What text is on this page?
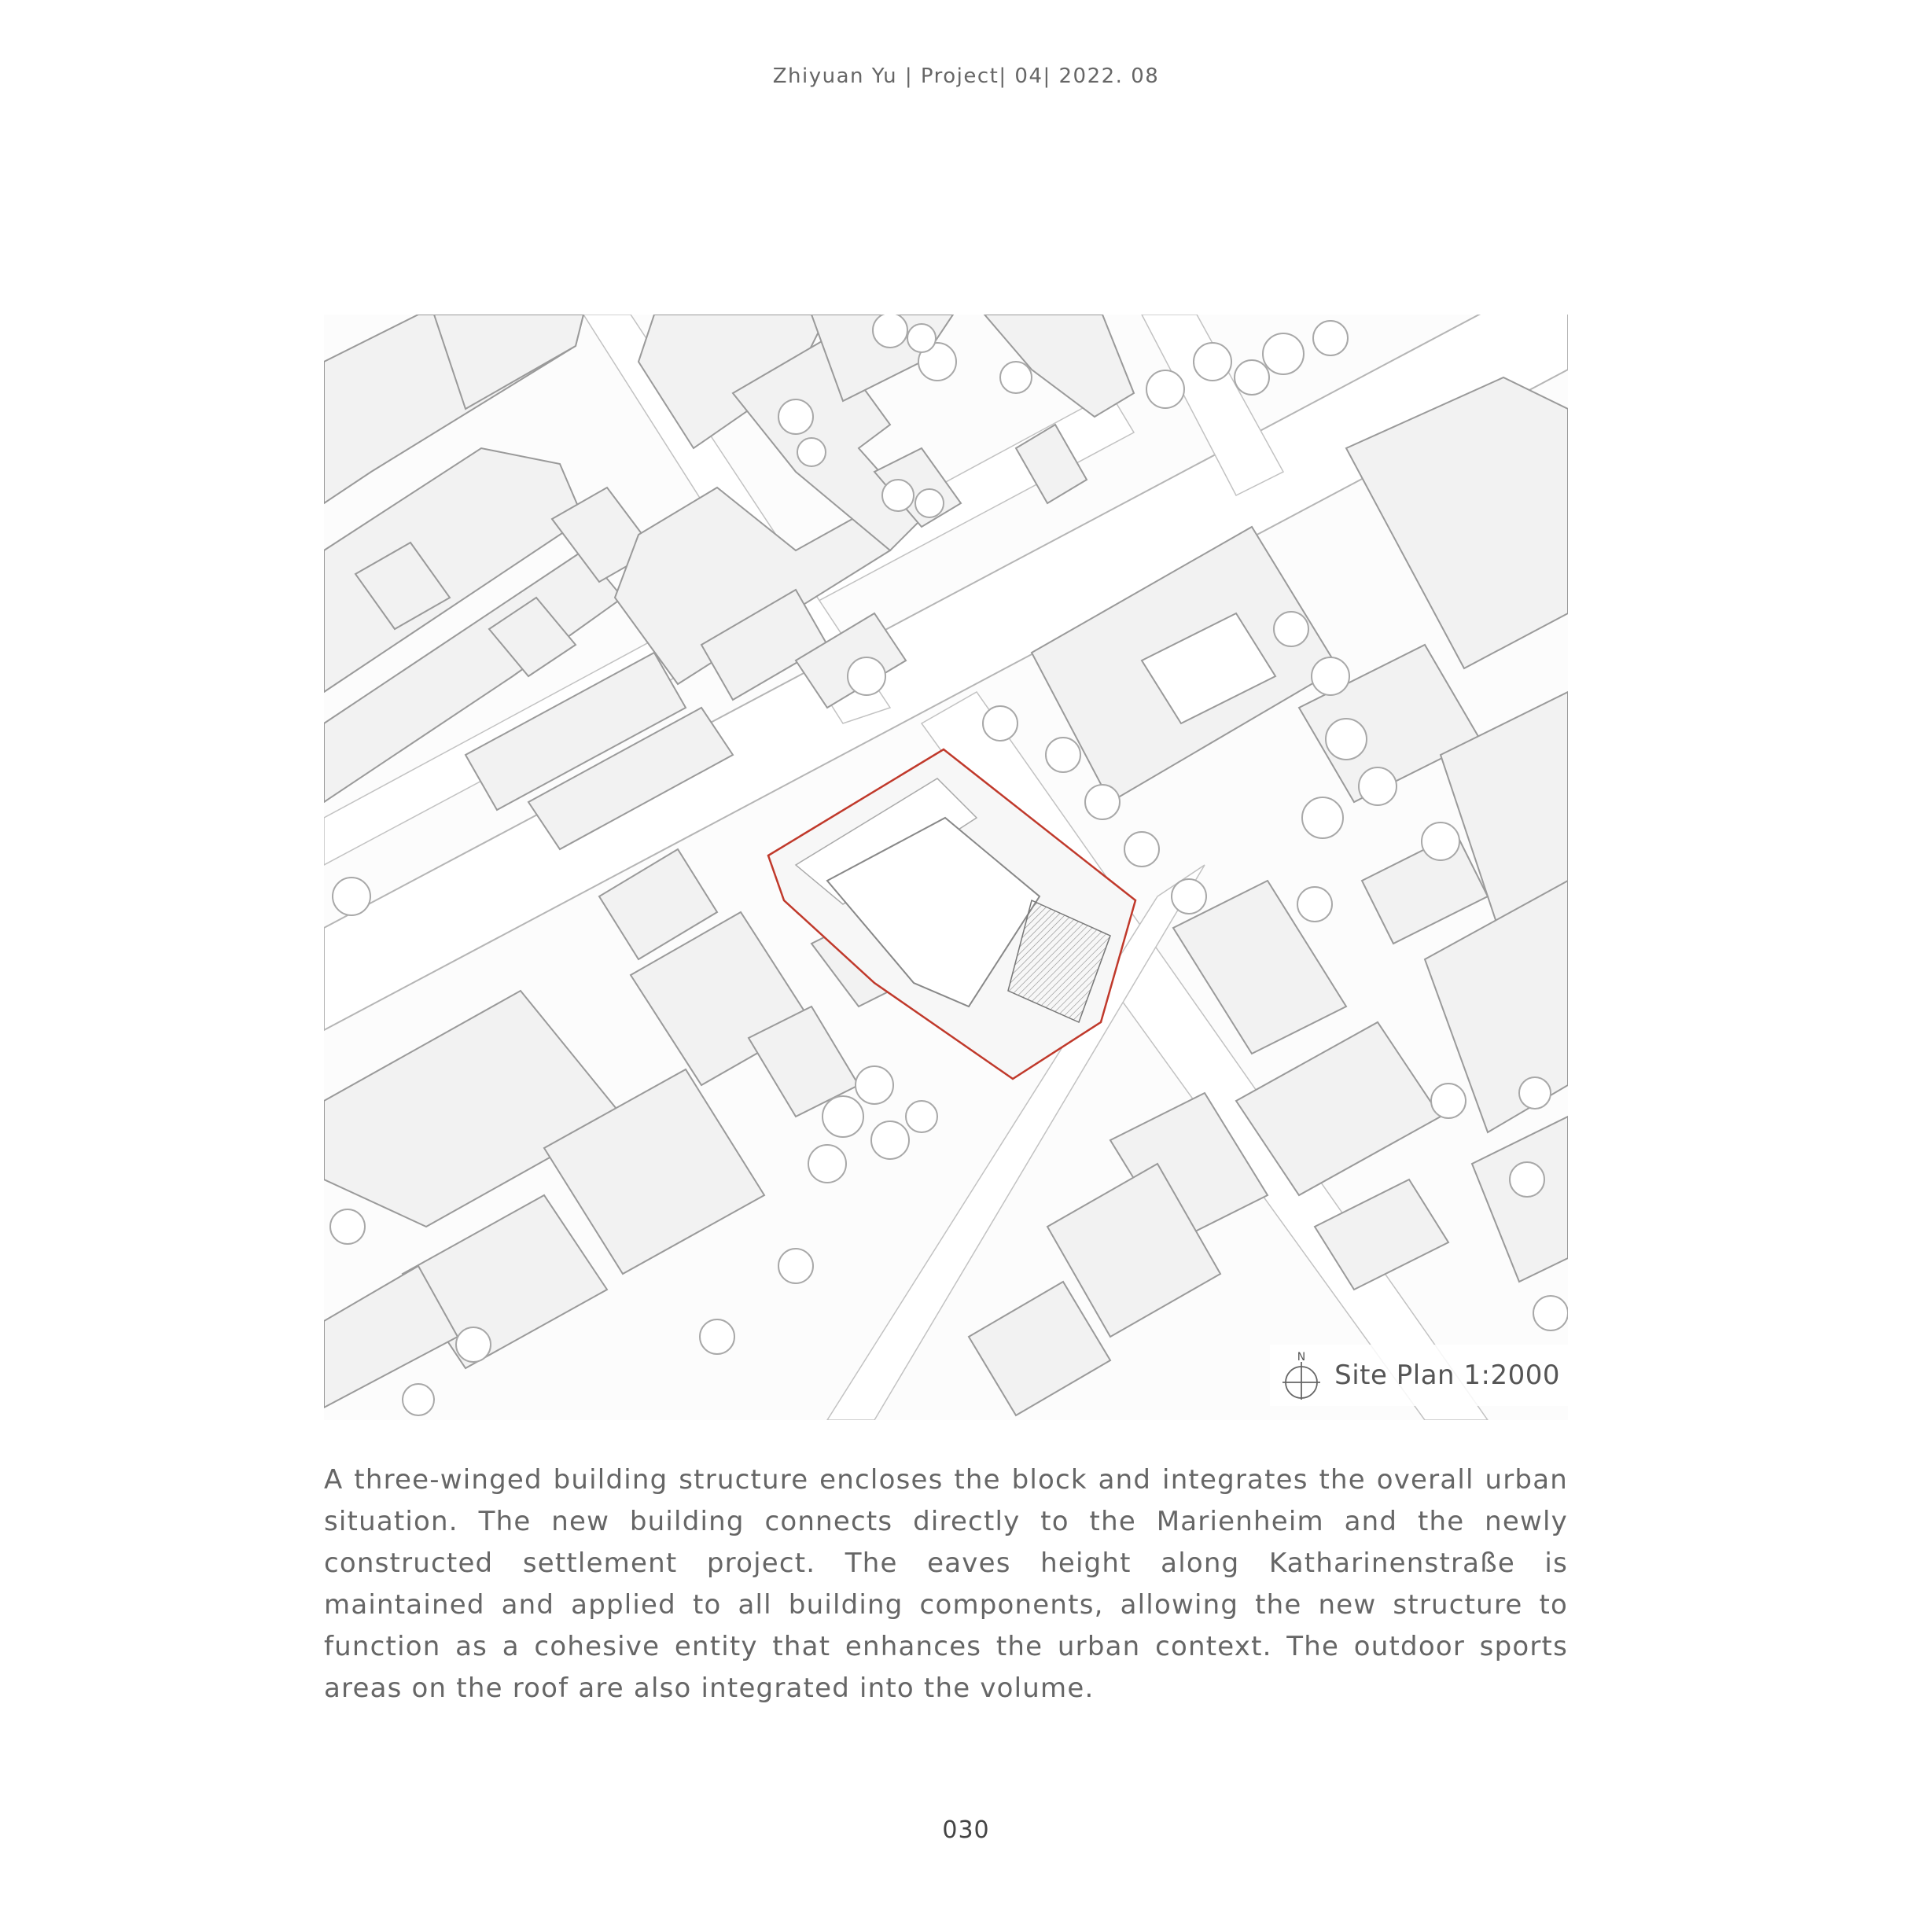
Zhiyuan Yu | Project| 04| 2022. 08
N
Site Plan 1:2000

A three-winged building structure encloses the block and integrates the overall urban situation. The new building connects directly to the Marienheim and the newly constructed settlement project. The eaves height along Katharinenstraße is maintained and applied to all building components, allowing the new structure to function as a cohesive entity that enhances the urban context. The outdoor sports areas on the roof are also integrated into the volume.

030
